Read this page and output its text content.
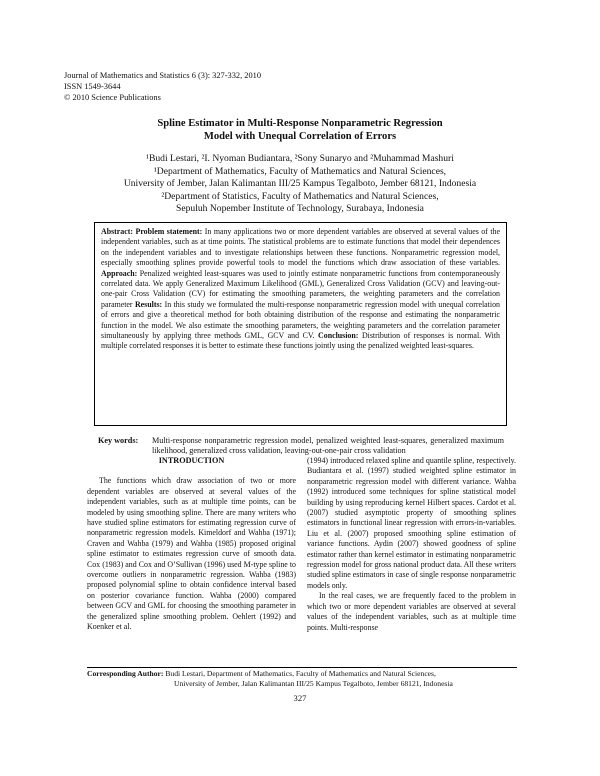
Journal of Mathematics and Statistics 6 (3): 327-332, 2010
ISSN 1549-3644
© 2010 Science Publications
Spline Estimator in Multi-Response Nonparametric Regression
Model with Unequal Correlation of Errors
¹Budi Lestari, ²I. Nyoman Budiantara, ²Sony Sunaryo and ²Muhammad Mashuri
¹Department of Mathematics, Faculty of Mathematics and Natural Sciences,
University of Jember, Jalan Kalimantan III/25 Kampus Tegalboto, Jember 68121, Indonesia
²Department of Statistics, Faculty of Mathematics and Natural Sciences,
Sepuluh Nopember Institute of Technology, Surabaya, Indonesia
Abstract: Problem statement: In many applications two or more dependent variables are observed at several values of the independent variables, such as at time points. The statistical problems are to estimate functions that model their dependences on the independent variables and to investigate relationships between these functions. Nonparametric regression model, especially smoothing splines provide powerful tools to model the functions which draw association of these variables. Approach: Penalized weighted least-squares was used to jointly estimate nonparametric functions from contemporaneously correlated data. We apply Generalized Maximum Likelihood (GML), Generalized Cross Validation (GCV) and leaving-out-one-pair Cross Validation (CV) for estimating the smoothing parameters, the weighting parameters and the correlation parameter Results: In this study we formulated the multi-response nonparametric regression model with unequal correlation of errors and give a theoretical method for both obtaining distribution of the response and estimating the nonparametric function in the model. We also estimate the smoothing parameters, the weighting parameters and the correlation parameter simultaneously by applying three methods GML, GCV and CV. Conclusion: Distribution of responses is normal. With multiple correlated responses it is better to estimate these functions jointly using the penalized weighted least-squares.
Key words:	Multi-response nonparametric regression model, penalized weighted least-squares, generalized maximum likelihood, generalized cross validation, leaving-out-one-pair cross validation
INTRODUCTION

The functions which draw association of two or more dependent variables are observed at several values of the independent variables, such as at multiple time points, can be modeled by using smoothing spline. There are many writers who have studied spline estimators for estimating regression curve of nonparametric regression models. Kimeldorf and Wahba (1971); Craven and Wahba (1979) and Wahba (1985) proposed original spline estimator to estimates regression curve of smooth data. Cox (1983) and Cox and O’Sullivan (1996) used M-type spline to overcome outliers in nonparametric regression. Wahba (1983) proposed polynomial spline to obtain confidence interval based on posterior covariance function. Wahba (2000) compared between GCV and GML for choosing the smoothing parameter in the generalized spline smoothing problem. Oehlert (1992) and Koenker et al.

(1994) introduced relaxed spline and quantile spline, respectively. Budiantara et al. (1997) studied weighted spline estimator in nonparametric regression model with different variance. Wahba (1992) introduced some techniques for spline statistical model building by using reproducing kernel Hilbert spaces. Cardot et al. (2007) studied asymptotic property of smoothing splines estimators in functional linear regression with errors-in-variables. Liu et al. (2007) proposed smoothing spline estimation of variance functions. Aydin (2007) showed goodness of spline estimator rather than kernel estimator in estimating nonparametric regression model for gross national product data. All these writers studied spline estimators in case of single response nonparametric models only.

In the real cases, we are frequently faced to the problem in which two or more dependent variables are observed at several values of the independent variables, such as at multiple time points. Multi-response

Corresponding Author: Budi Lestari, Department of Mathematics, Faculty of Mathematics and Natural Sciences,
University of Jember, Jalan Kalimantan III/25 Kampus Tegalboto, Jember 68121, Indonesia
327
